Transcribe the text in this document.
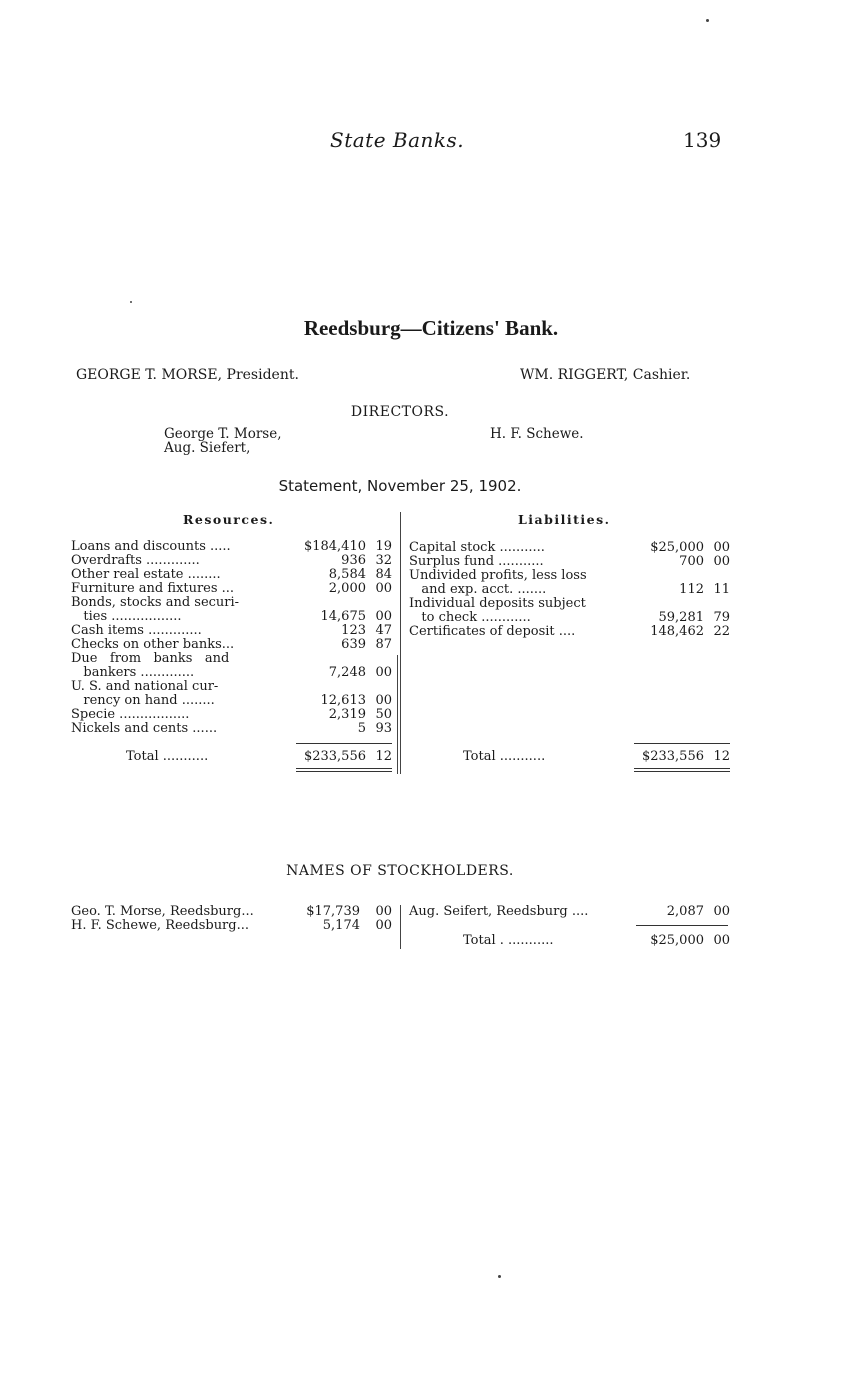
State Banks.	139
Reedsburg—Citizens' Bank.
GEORGE T. MORSE, President.	WM. RIGGERT, Cashier.
DIRECTORS.
George T. Morse,
Aug. Siefert,
H. F. Schewe.
Statement, November 25, 1902.
Resources.	Liabilities.
Loans and discounts .....	$184,410 19
Overdrafts .............	936 32
Other real estate ........	8,584 84
Furniture and fixtures ...	2,000 00
Bonds, stocks and securi-
ties .................	14,675 00
Cash items .............	123 47
Checks on other banks...	639 87
Due   from   banks   and
bankers .............	7,248 00
U. S. and national cur-
rency on hand ........	12,613 00
Specie .................	2,319 50
Nickels and cents ......	5 93
Total ...........	$233,556 12
Capital stock ...........	$25,000 00
Surplus fund ...........	700 00
Undivided profits, less loss
and exp. acct. .......	112 11
Individual deposits subject
to check ............	59,281 79
Certificates of deposit ....	148,462 22
Total ...........	$233,556 12
NAMES OF STOCKHOLDERS.
Geo. T. Morse, Reedsburg...	$17,739	00
H. F. Schewe, Reedsburg...	5,174	00
Aug. Seifert, Reedsburg ....	2,087 00
Total . ...........	$25,000 00
